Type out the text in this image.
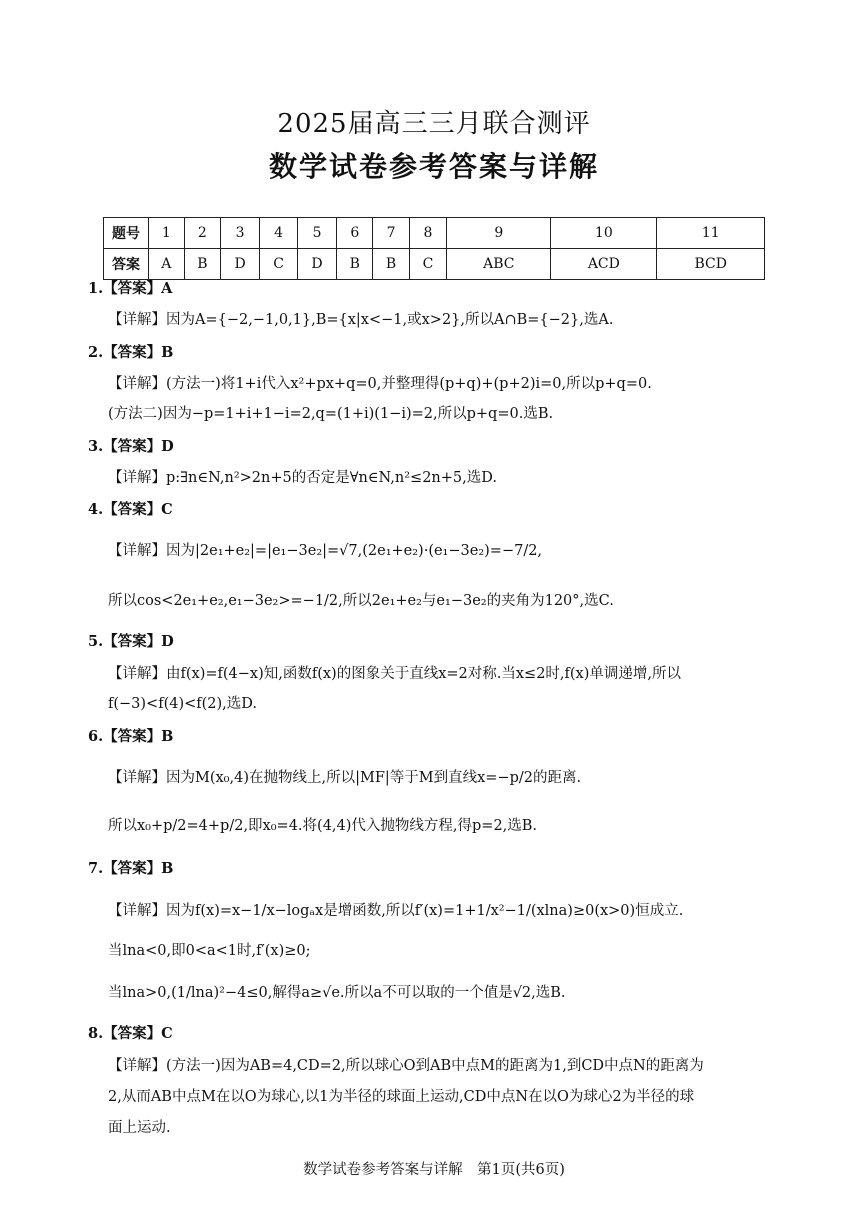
2025届高三三月联合测评
数学试卷参考答案与详解
题号	1	2	3	4	5	6	7	8	9	10	11
答案	A	B	D	C	D	B	B	C	ABC	ACD	BCD
1.【答案】A
【详解】因为A={−2,−1,0,1},B={x|x<−1,或x>2},所以A∩B={−2},选A.
2.【答案】B
【详解】(方法一)将1+i代入x²+px+q=0,并整理得(p+q)+(p+2)i=0,所以p+q=0.
(方法二)因为−p=1+i+1−i=2,q=(1+i)(1−i)=2,所以p+q=0.选B.
3.【答案】D
【详解】p:∃n∈N,n²>2n+5的否定是∀n∈N,n²≤2n+5,选D.
4.【答案】C
【详解】因为|2e₁+e₂|=|e₁−3e₂|=√7,(2e₁+e₂)·(e₁−3e₂)=−7/2,
所以cos<2e₁+e₂,e₁−3e₂>=−1/2,所以2e₁+e₂与e₁−3e₂的夹角为120°,选C.
5.【答案】D
【详解】由f(x)=f(4−x)知,函数f(x)的图象关于直线x=2对称.当x≤2时,f(x)单调递增,所以
f(−3)<f(4)<f(2),选D.
6.【答案】B
【详解】因为M(x₀,4)在抛物线上,所以|MF|等于M到直线x=−p/2的距离.
所以x₀+p/2=4+p/2,即x₀=4.将(4,4)代入抛物线方程,得p=2,选B.
7.【答案】B
【详解】因为f(x)=x−1/x−logₐx是增函数,所以f′(x)=1+1/x²−1/(xlna)≥0(x>0)恒成立.
当lna<0,即0<a<1时,f′(x)≥0;
当lna>0,(1/lna)²−4≤0,解得a≥√e.所以a不可以取的一个值是√2,选B.
8.【答案】C
【详解】(方法一)因为AB=4,CD=2,所以球心O到AB中点M的距离为1,到CD中点N的距离为
2,从而AB中点M在以O为球心,以1为半径的球面上运动,CD中点N在以O为球心2为半径的球
面上运动.
数学试卷参考答案与详解　第1页(共6页)
